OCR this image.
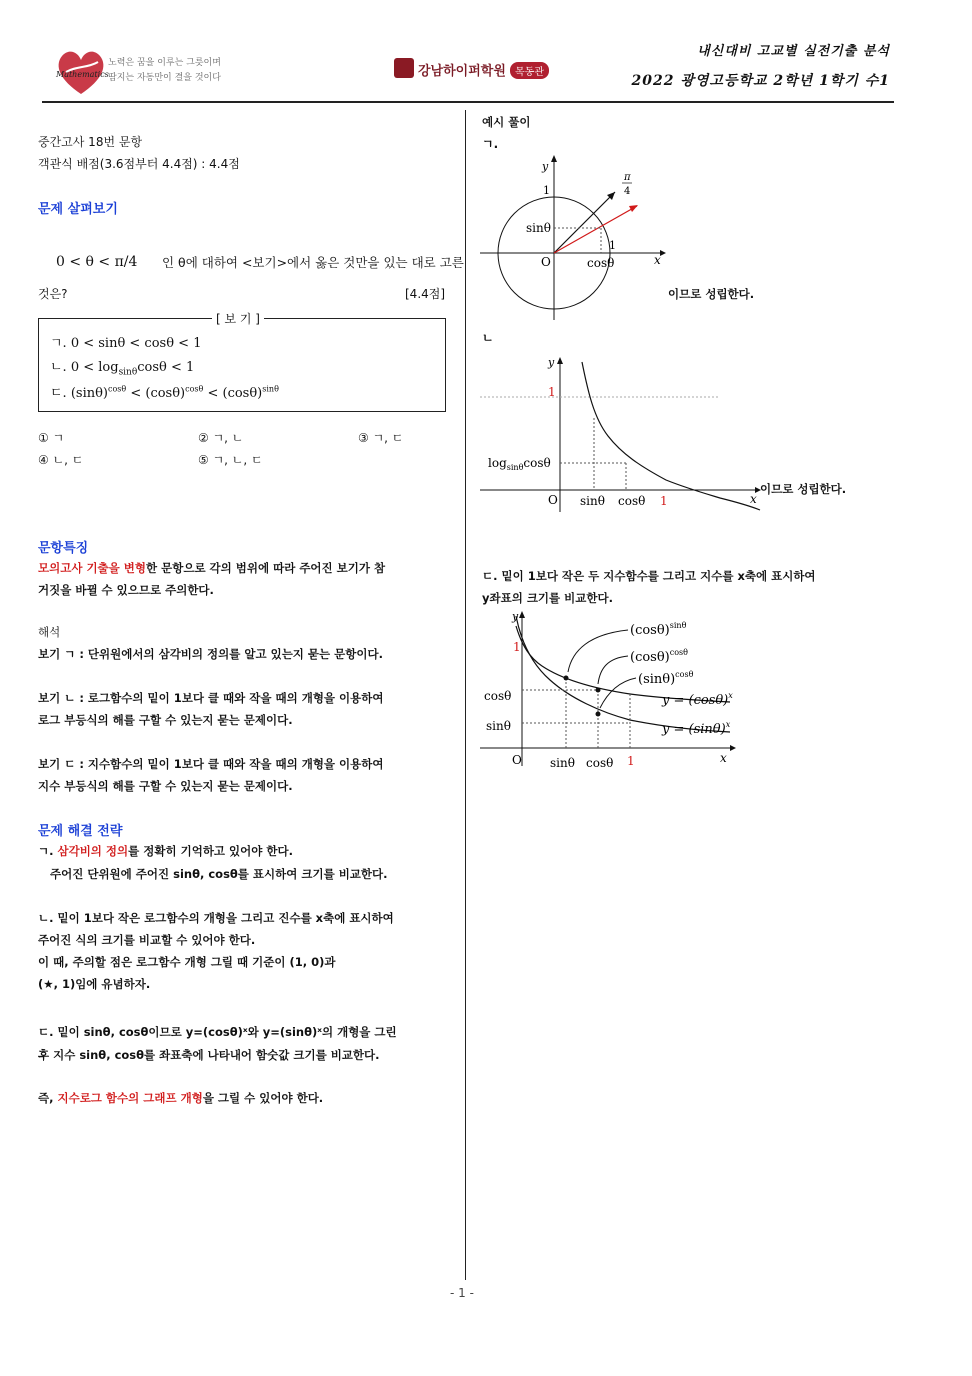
Mathematics
노력은 꿈을 이루는 그릇이며
땀지는 자동만이 결을 것이다	강남하이퍼학원 목동관
내신대비 고교별 실전기출 분석
2022 광영고등학교 2학년 1학기 수1
중간고사 18번 문항
객관식 배점(3.6점부터 4.4점) : 4.4점
문제 살펴보기
0 < θ < π/4 인 θ에 대하여 <보기>에서 옳은 것만을 있는 대로 고른
것은?	[4.4점]
[ 보 기 ]
ㄱ. 0 < sinθ < cosθ < 1
ㄴ. $0 < \log_{sin\theta}\cos\theta < 1$
ㄷ. $(\sin\theta)^{cos\theta} < (\cos\theta)^{cos\theta} < (\cos\theta)^{sin\theta}$
① ㄱ	② ㄱ, ㄴ	③ ㄱ, ㄷ
④ ㄴ, ㄷ	⑤ ㄱ, ㄴ, ㄷ
문항특징
모의고사 기출을 변형한 문항으로 각의 범위에 따라 주어진 보기가 참
거짓을 바뀔 수 있으므로 주의한다.
해석
보기 ㄱ : 단위원에서의 삼각비의 정의를 알고 있는지 묻는 문항이다.
보기 ㄴ : 로그함수의 밑이 1보다 클 때와 작을 때의 개형을 이용하여
로그 부등식의 해를 구할 수 있는지 묻는 문제이다.
보기 ㄷ : 지수함수의 밑이 1보다 클 때와 작을 때의 개형을 이용하여
지수 부등식의 해를 구할 수 있는지 묻는 문제이다.
문제 해결 전략
ㄱ. 삼각비의 정의를 정확히 기억하고 있어야 한다.
주어진 단위원에 주어진 sinθ, cosθ를 표시하여 크기를 비교한다.
ㄴ. 밑이 1보다 작은 로그함수의 개형을 그리고 진수를 x축에 표시하여
주어진 식의 크기를 비교할 수 있어야 한다.
이 때, 주의할 점은 로그함수 개형 그릴 때 기준이 (1, 0)과
(★, 1)임에 유념하자.
ㄷ. 밑이 sinθ, cosθ이므로 y=(cosθ)ˣ와 y=(sinθ)ˣ의 개형을 그린
후 지수 sinθ, cosθ를 좌표축에 나타내어 함숫값 크기를 비교한다.
즉, 지수로그 함수의 그래프 개형을 그릴 수 있어야 한다.
예시 풀이
ㄱ.
y
x
O
1
1
π
4
sinθ
cosθ
이므로 성립한다.
ㄴ
y
x
O
1
$\log_{sin\theta}\cos\theta$
sinθ cosθ 1
이므로 성립한다.
ㄷ. 밑이 1보다 작은 두 지수함수를 그리고 지수를 x축에 표시하여
y좌표의 크기를 비교한다.
y
x
O
1
cosθ
sinθ
sinθ cosθ 1
$(\cos\theta)^{sin\theta}$
$(\cos\theta)^{cos\theta}$
$(\sin\theta)^{cos\theta}$
$y = (\cos\theta)^x$
$y = (\sin\theta)^x$
- 1 -
